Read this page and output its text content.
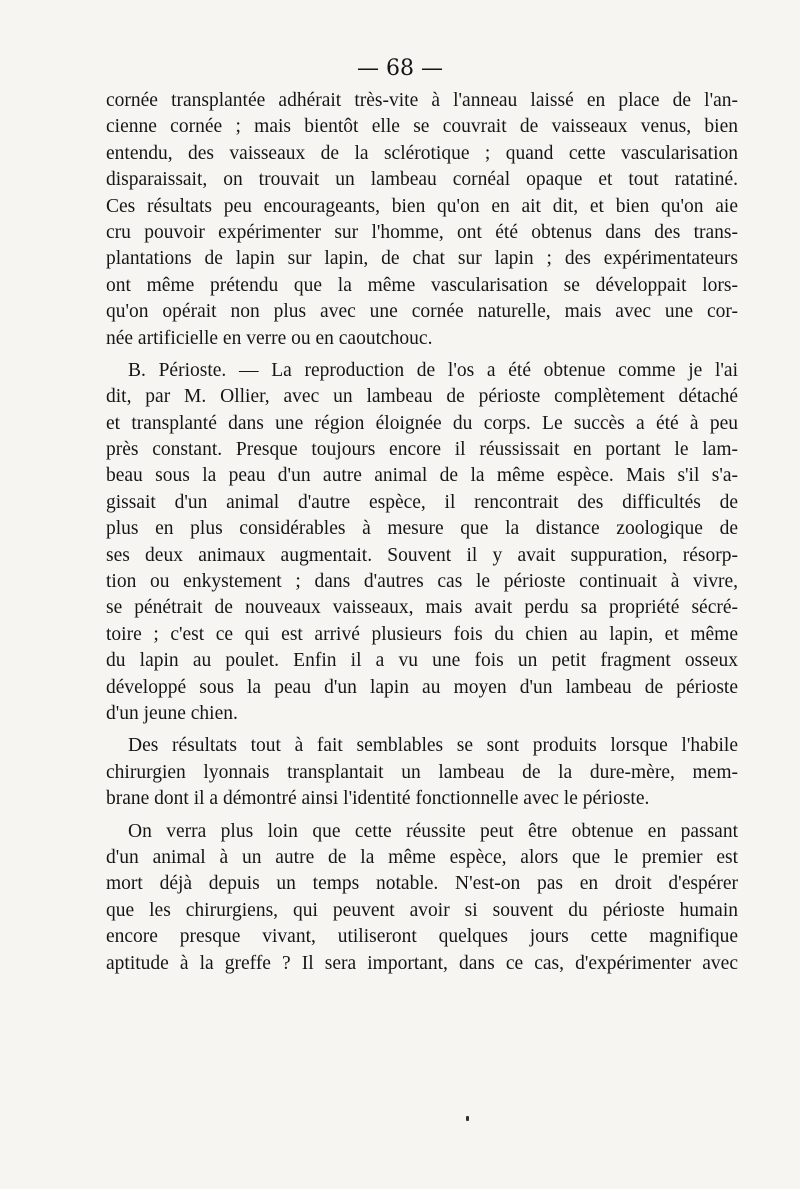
— 68 —
cornée transplantée adhérait très-vite à l'anneau laissé en place de l'an-
cienne cornée ; mais bientôt elle se couvrait de vaisseaux venus, bien
entendu, des vaisseaux de la sclérotique ; quand cette vascularisation
disparaissait, on trouvait un lambeau cornéal opaque et tout ratatiné.
Ces résultats peu encourageants, bien qu'on en ait dit, et bien qu'on aie
cru pouvoir expérimenter sur l'homme, ont été obtenus dans des trans-
plantations de lapin sur lapin, de chat sur lapin ; des expérimentateurs
ont même prétendu que la même vascularisation se développait lors-
qu'on opérait non plus avec une cornée naturelle, mais avec une cor-
née artificielle en verre ou en caoutchouc.
B. Périoste. — La reproduction de l'os a été obtenue comme je l'ai
dit, par M. Ollier, avec un lambeau de périoste complètement détaché
et transplanté dans une région éloignée du corps. Le succès a été à peu
près constant. Presque toujours encore il réussissait en portant le lam-
beau sous la peau d'un autre animal de la même espèce. Mais s'il s'a-
gissait d'un animal d'autre espèce, il rencontrait des difficultés de
plus en plus considérables à mesure que la distance zoologique de
ses deux animaux augmentait. Souvent il y avait suppuration, résorp-
tion ou enkystement ; dans d'autres cas le périoste continuait à vivre,
se pénétrait de nouveaux vaisseaux, mais avait perdu sa propriété sécré-
toire ; c'est ce qui est arrivé plusieurs fois du chien au lapin, et même
du lapin au poulet. Enfin il a vu une fois un petit fragment osseux
développé sous la peau d'un lapin au moyen d'un lambeau de périoste
d'un jeune chien.
Des résultats tout à fait semblables se sont produits lorsque l'habile
chirurgien lyonnais transplantait un lambeau de la dure-mère, mem-
brane dont il a démontré ainsi l'identité fonctionnelle avec le périoste.
On verra plus loin que cette réussite peut être obtenue en passant
d'un animal à un autre de la même espèce, alors que le premier est
mort déjà depuis un temps notable. N'est-on pas en droit d'espérer
que les chirurgiens, qui peuvent avoir si souvent du périoste humain
encore presque vivant, utiliseront quelques jours cette magnifique
aptitude à la greffe ? Il sera important, dans ce cas, d'expérimenter avec
